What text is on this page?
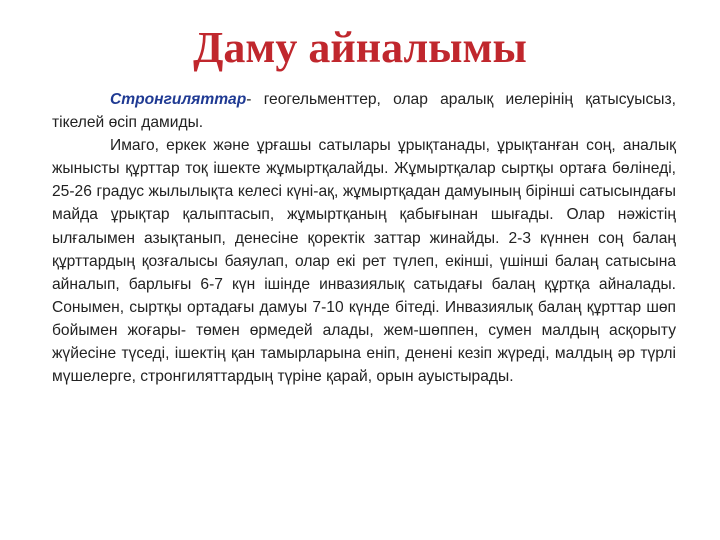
Даму айналымы

Стронгиляттар- геогельменттер, олар аралық иелерінің қатысуысыз, тікелей өсіп дамиды.

Имаго, еркек және ұрғашы сатылары ұрықтанады, ұрықтанған соң, аналық жынысты құрттар тоқ ішекте жұмыртқалайды. Жұмыртқалар сыртқы ортаға бөлінеді, 25-26 градус жылылықта келесі күні-ақ, жұмыртқадан дамуының бірінші сатысындағы майда ұрықтар қалыптасып, жұмыртқаның қабығынан шығады. Олар нәжістің ылғалымен азықтанып, денесіне қоректік заттар жинайды. 2-3 күннен соң балаң құрттардың қозғалысы баяулап, олар екі рет түлеп, екінші, үшінші балаң сатысына айналып, барлығы 6-7 күн ішінде инвазиялық сатыдағы балаң құртқа айналады. Сонымен, сыртқы ортадағы дамуы 7-10 күнде бітеді. Инвазиялық балаң құрттар шөп бойымен жоғары- төмен өрмедей алады, жем-шөппен, сумен малдың асқорыту жүйесіне түседі, ішектің қан тамырларына еніп, денені кезіп жүреді, малдың әр түрлі мүшелерге, стронгиляттардың түріне қарай, орын ауыстырады.
